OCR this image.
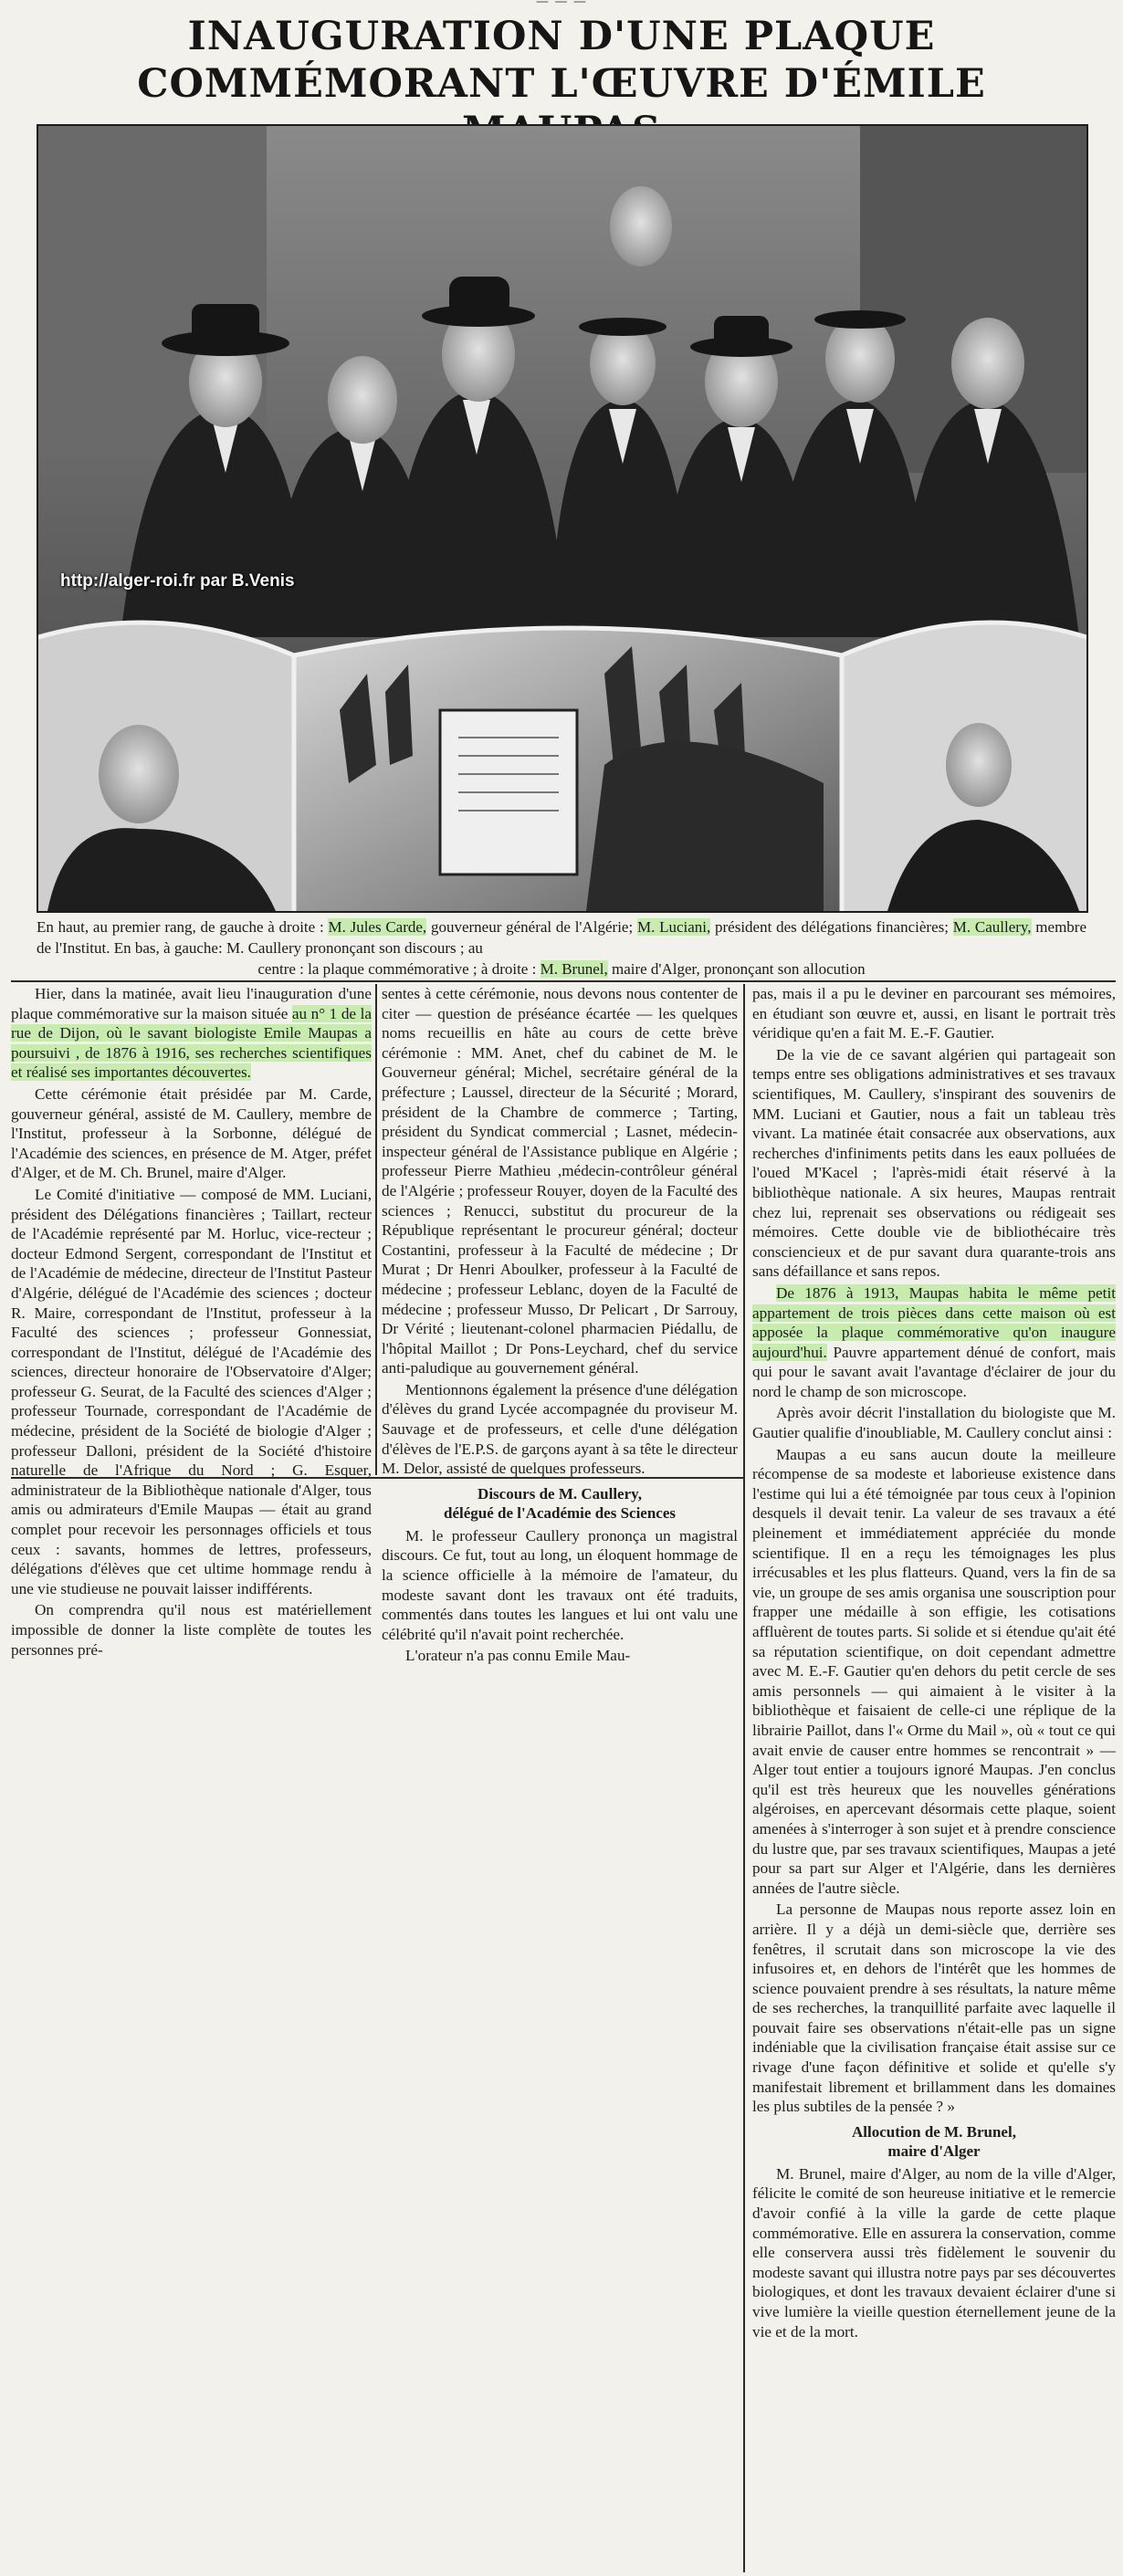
— — —
INAUGURATION D'UNE PLAQUE
COMMÉMORANT L'ŒUVRE D'ÉMILE
http://alger-roi.fr par B.Venis
En haut, au premier rang, de gauche à droite : M. Jules Carde, gouverneur général de l'Algérie; M. Luciani, président des délégations financières; M. Caullery, membre de l'Institut. En bas, à gauche: M. Caullery prononçant son discours ; au
centre : la plaque commémorative ; à droite : M. Brunel, maire d'Alger, prononçant son allocution

Hier, dans la matinée, avait lieu l'inauguration d'une plaque commémorative sur la maison située au n° 1 de la rue de Dijon, où le savant biologiste Emile Maupas a poursuivi , de 1876 à 1916, ses recherches scientifiques et réalisé ses importantes découvertes.

Cette cérémonie était présidée par M. Carde, gouverneur général, assisté de M. Caullery, membre de l'Institut, professeur à la Sorbonne, délégué de l'Académie des sciences, en présence de M. Atger, préfet d'Alger, et de M. Ch. Brunel, maire d'Alger.

Le Comité d'initiative — composé de MM. Luciani, président des Délégations financières ; Taillart, recteur de l'Académie représenté par M. Horluc, vice-recteur ; docteur Edmond Sergent, correspondant de l'Institut et de l'Académie de médecine, directeur de l'Institut Pasteur d'Algérie, délégué de l'Académie des sciences ; docteur R. Maire, correspondant de l'Institut, professeur à la Faculté des sciences ; professeur Gonnessiat, correspondant de l'Institut, délégué de l'Académie des sciences, directeur honoraire de l'Observatoire d'Alger; professeur G. Seurat, de la Faculté des sciences d'Alger ; professeur Tournade, correspondant de l'Académie de médecine, président de la Société de biologie d'Alger ; professeur Dalloni, président de la Société d'histoire naturelle de l'Afrique du Nord ; G. Esquer, administrateur de la Bibliothèque nationale d'Alger, tous amis ou admirateurs d'Emile Maupas — était au grand complet pour recevoir les personnages officiels et tous ceux : savants, hommes de lettres, professeurs, délégations d'élèves que cet ultime hommage rendu à une vie studieuse ne pouvait laisser indifférents.

On comprendra qu'il nous est matériellement impossible de donner la liste complète de toutes les personnes pré-

sentes à cette cérémonie, nous devons nous contenter de citer — question de préséance écartée — les quelques noms recueillis en hâte au cours de cette brève cérémonie : MM. Anet, chef du cabinet de M. le Gouverneur général; Michel, secrétaire général de la préfecture ; Laussel, directeur de la Sécurité ; Morard, président de la Chambre de commerce ; Tarting, président du Syndicat commercial ; Lasnet, médecin-inspecteur général de l'Assistance publique en Algérie ; professeur Pierre Mathieu ,médecin-contrôleur général de l'Algérie ; professeur Rouyer, doyen de la Faculté des sciences ; Renucci, substitut du procureur de la République représentant le procureur général; docteur Costantini, professeur à la Faculté de médecine ; Dr Murat ; Dr Henri Aboulker, professeur à la Faculté de médecine ; professeur Leblanc, doyen de la Faculté de médecine ; professeur Musso, Dr Pelicart , Dr Sarrouy, Dr Vérité ; lieutenant-colonel pharmacien Piédallu, de l'hôpital Maillot ; Dr Pons-Leychard, chef du service anti-paludique au gouvernement général.

Mentionnons également la présence d'une délégation d'élèves du grand Lycée accompagnée du proviseur M. Sauvage et de professeurs, et celle d'une délégation d'élèves de l'E.P.S. de garçons ayant à sa tête le directeur M. Delor, assisté de quelques professeurs.

Discours de M. Caullery,
délégué de l'Académie des Sciences

M. le professeur Caullery prononça un magistral discours. Ce fut, tout au long, un éloquent hommage de la science officielle à la mémoire de l'amateur, du modeste savant dont les travaux ont été traduits, commentés dans toutes les langues et lui ont valu une célébrité qu'il n'avait point recherchée.

L'orateur n'a pas connu Emile Mau-

pas, mais il a pu le deviner en parcourant ses mémoires, en étudiant son œuvre et, aussi, en lisant le portrait très véridique qu'en a fait M. E.-F. Gautier.

De la vie de ce savant algérien qui partageait son temps entre ses obligations administratives et ses travaux scientifiques, M. Caullery, s'inspirant des souvenirs de MM. Luciani et Gautier, nous a fait un tableau très vivant. La matinée était consacrée aux observations, aux recherches d'infiniments petits dans les eaux polluées de l'oued M'Kacel ; l'après-midi était réservé à la bibliothèque nationale. A six heures, Maupas rentrait chez lui, reprenait ses observations ou rédigeait ses mémoires. Cette double vie de bibliothécaire très consciencieux et de pur savant dura quarante-trois ans sans défaillance et sans repos.

De 1876 à 1913, Maupas habita le même petit appartement de trois pièces dans cette maison où est apposée la plaque commémorative qu'on inaugure aujourd'hui. Pauvre appartement dénué de confort, mais qui pour le savant avait l'avantage d'éclairer de jour du nord le champ de son microscope.

Après avoir décrit l'installation du biologiste que M. Gautier qualifie d'inoubliable, M. Caullery conclut ainsi :

Maupas a eu sans aucun doute la meilleure récompense de sa modeste et laborieuse existence dans l'estime qui lui a été témoignée par tous ceux à l'opinion desquels il devait tenir. La valeur de ses travaux a été pleinement et immédiatement appréciée du monde scientifique. Il en a reçu les témoignages les plus irrécusables et les plus flatteurs. Quand, vers la fin de sa vie, un groupe de ses amis organisa une souscription pour frapper une médaille à son effigie, les cotisations affluèrent de toutes parts. Si solide et si étendue qu'ait été sa réputation scientifique, on doit cependant admettre avec M. E.-F. Gautier qu'en dehors du petit cercle de ses amis personnels — qui aimaient à le visiter à la bibliothèque et faisaient de celle-ci une réplique de la librairie Paillot, dans l'« Orme du Mail », où « tout ce qui avait envie de causer entre hommes se rencontrait » — Alger tout entier a toujours ignoré Maupas. J'en conclus qu'il est très heureux que les nouvelles générations algéroises, en apercevant désormais cette plaque, soient amenées à s'interroger à son sujet et à prendre conscience du lustre que, par ses travaux scientifiques, Maupas a jeté pour sa part sur Alger et l'Algérie, dans les dernières années de l'autre siècle.

La personne de Maupas nous reporte assez loin en arrière. Il y a déjà un demi-siècle que, derrière ses fenêtres, il scrutait dans son microscope la vie des infusoires et, en dehors de l'intérêt que les hommes de science pouvaient prendre à ses résultats, la nature même de ses recherches, la tranquillité parfaite avec laquelle il pouvait faire ses observations n'était-elle pas un signe indéniable que la civilisation française était assise sur ce rivage d'une façon définitive et solide et qu'elle s'y manifestait librement et brillamment dans les domaines les plus subtiles de la pensée ? »

Allocution de M. Brunel,
maire d'Alger

M. Brunel, maire d'Alger, au nom de la ville d'Alger, félicite le comité de son heureuse initiative et le remercie d'avoir confié à la ville la garde de cette plaque commémorative. Elle en assurera la conservation, comme elle conservera aussi très fidèlement le souvenir du modeste savant qui illustra notre pays par ses découvertes biologiques, et dont les travaux devaient éclairer d'une si vive lumière la vieille question éternellement jeune de la vie et de la mort.
